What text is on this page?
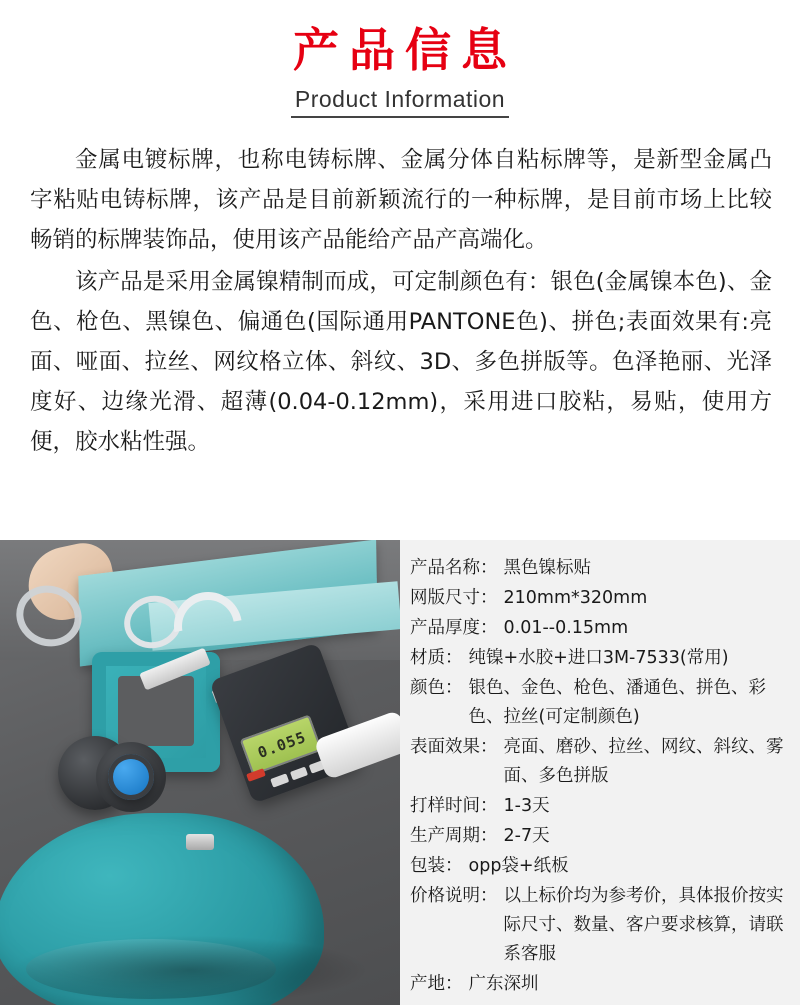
产品信息
Product Information

金属电镀标牌，也称电铸标牌、金属分体自粘标牌等，是新型金属凸字粘贴电铸标牌，该产品是目前新颖流行的一种标牌，是目前市场上比较畅销的标牌装饰品，使用该产品能给产品产高端化。

该产品是采用金属镍精制而成，可定制颜色有：银色(金属镍本色)、金色、枪色、黑镍色、偏通色(国际通用PANTONE色)、拼色;表面效果有:亮面、哑面、拉丝、网纹格立体、斜纹、3D、多色拼版等。色泽艳丽、光泽度好、边缘光滑、超薄(0.04-0.12mm)，采用进口胶粘，易贴，使用方便，胶水粘性强。

0.055
产品名称： 黑色镍标贴
网版尺寸： 210mm*320mm
产品厚度： 0.01--0.15mm
材质： 纯镍+水胶+进口3M-7533(常用)
颜色： 银色、金色、枪色、潘通色、拼色、彩色、拉丝(可定制颜色)
表面效果： 亮面、磨砂、拉丝、网纹、斜纹、雾面、多色拼版
打样时间： 1-3天
生产周期： 2-7天
包装： opp袋+纸板
价格说明： 以上标价均为参考价，具体报价按实际尺寸、数量、客户要求核算，请联系客服
产地： 广东深圳
